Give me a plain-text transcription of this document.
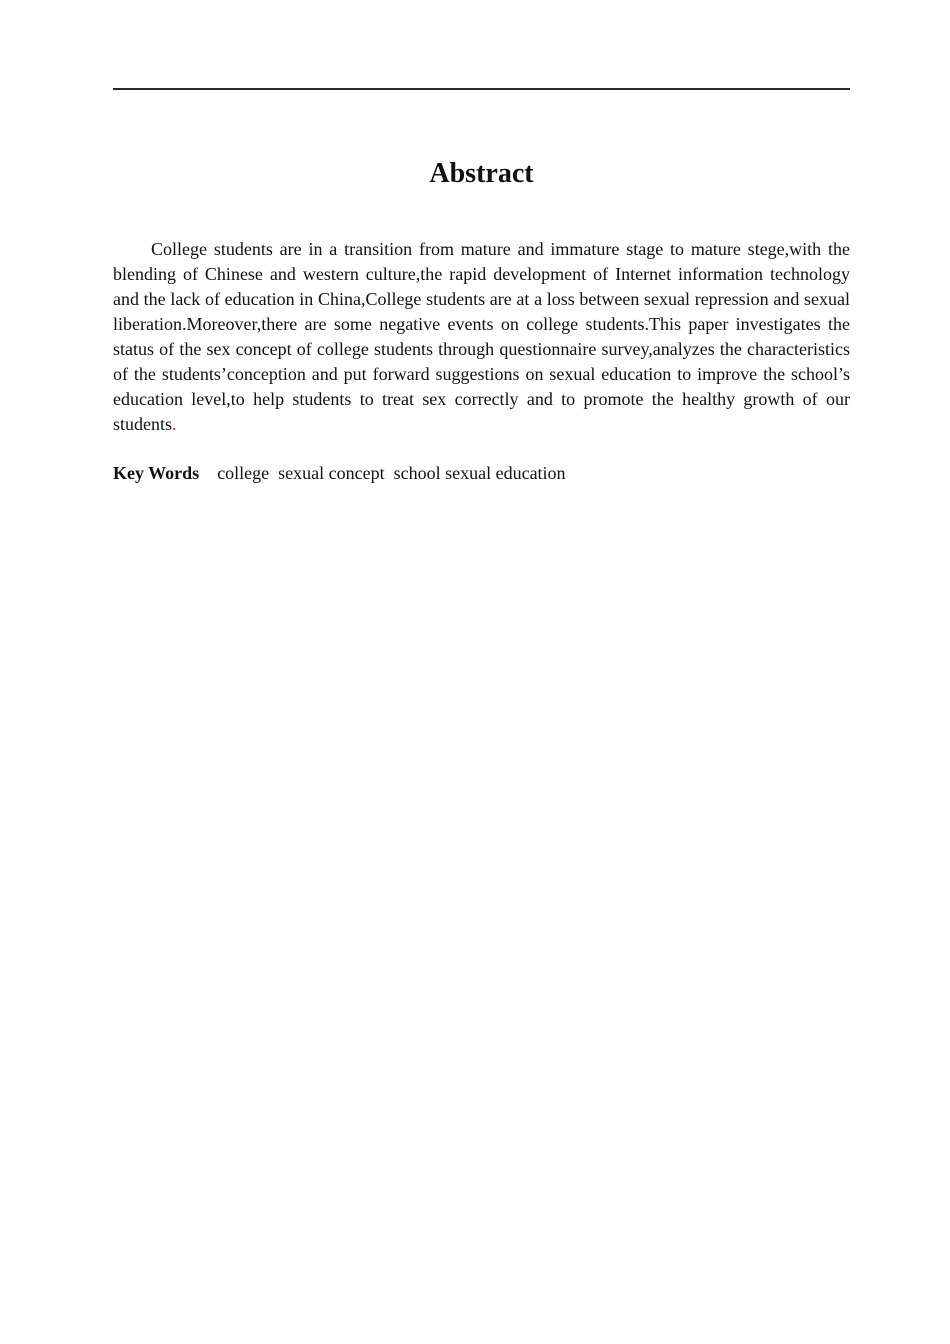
Abstract

College students are in a transition from mature and immature stage to mature stege,with the blending of Chinese and western culture,the rapid development of Internet information technology and the lack of education in China,College students are at a loss between sexual repression and sexual liberation.Moreover,there are some negative events on college students.This paper investigates the status of the sex concept of college students through questionnaire survey,analyzes the characteristics of the students’conception and put forward suggestions on sexual education to improve the school’s education level,to help students to treat sex correctly and to promote the healthy growth of our students.

Key Words college  sexual concept  school sexual education
